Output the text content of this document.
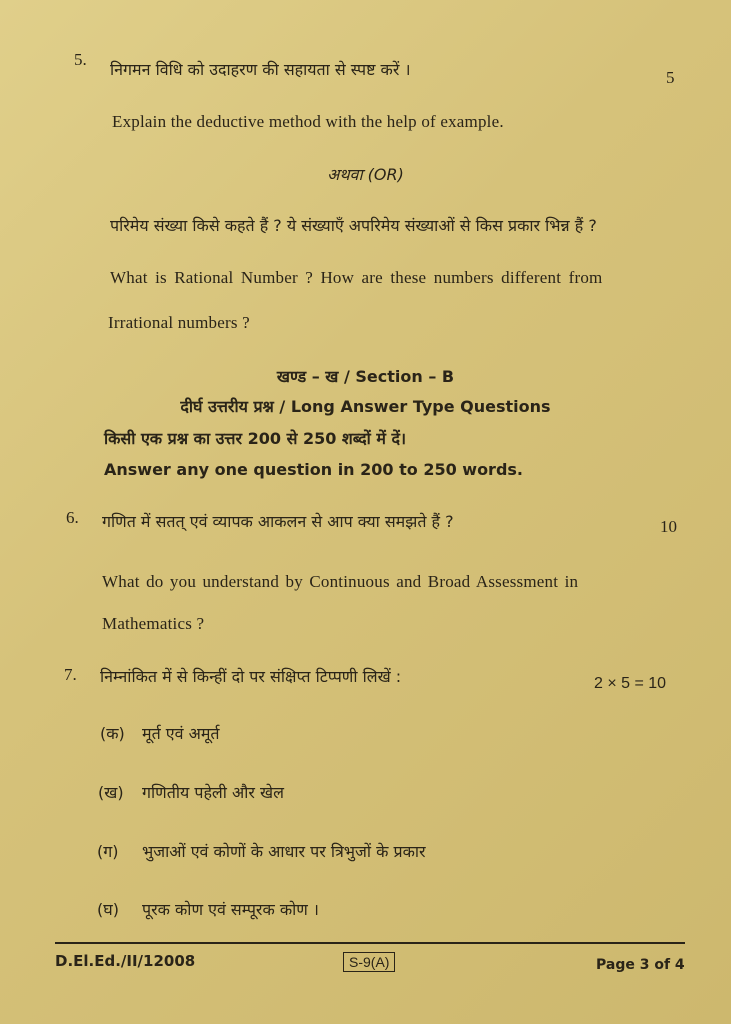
5.
निगमन विधि को उदाहरण की सहायता से स्पष्ट करें ।	5
Explain the deductive method with the help of example.
अथवा (OR)
परिमेय संख्या किसे कहते हैं ? ये संख्याएँ अपरिमेय संख्याओं से किस प्रकार भिन्न हैं ?
What is Rational Number ? How are these numbers different from
Irrational numbers ?
खण्ड – ख / Section – B
दीर्घ उत्तरीय प्रश्न / Long Answer Type Questions
किसी एक प्रश्न का उत्तर 200 से 250 शब्दों में दें।
Answer any one question in 200 to 250 words.
6. गणित में सतत् एवं व्यापक आकलन से आप क्या समझते हैं ?	10
What do you understand by Continuous and Broad Assessment in
Mathematics ?
7. निम्नांकित में से किन्हीं दो पर संक्षिप्त टिप्पणी लिखें :	2 × 5 = 10
(क) मूर्त एवं अमूर्त
(ख) गणितीय पहेली और खेल
(ग) भुजाओं एवं कोणों के आधार पर त्रिभुजों के प्रकार
(घ) पूरक कोण एवं सम्पूरक कोण ।
D.El.Ed./II/12008	S-9(A)	Page 3 of 4
